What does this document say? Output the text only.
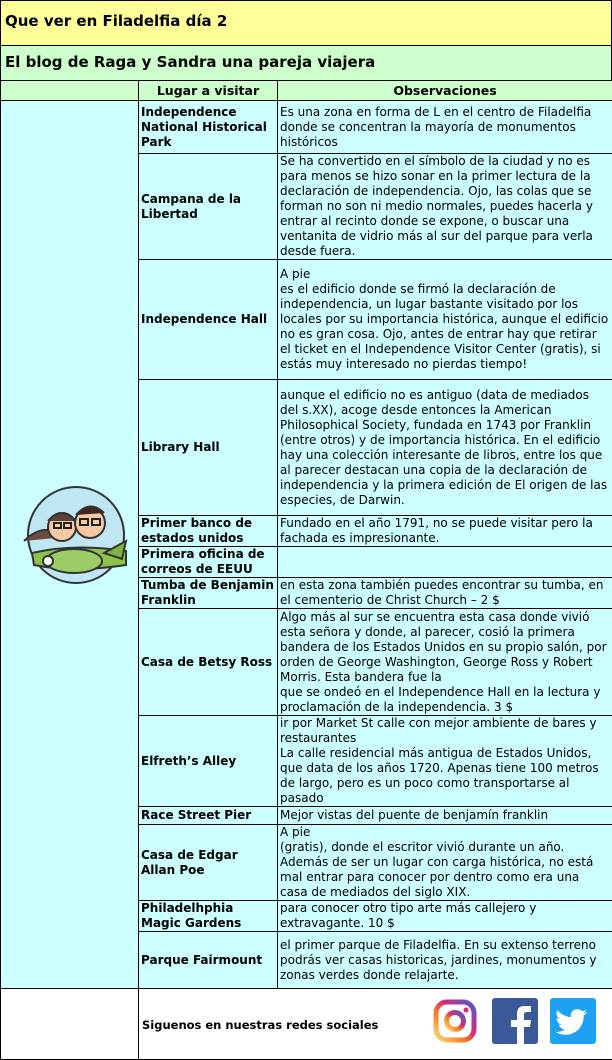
Que ver en Filadelfia día 2
El blog de Raga y Sandra una pareja viajera
	Lugar a visitar	Observaciones

	Independence National Historical Park	Es una zona en forma de L en el centro de Filadelfia donde se concentran la mayoría de monumentos históricos
	Campana de la Libertad	Se ha convertido en el símbolo de la ciudad y no es para menos se hizo sonar en la primer lectura de la declaración de independencia. Ojo, las colas que se forman no son ni medio normales, puedes hacerla y entrar al recinto donde se expone, o buscar una ventanita de vidrio más al sur del parque para verla desde fuera.
	Independence Hall	A pie
es el edificio donde se firmó la declaración de independencia, un lugar bastante visitado por los locales por su importancia histórica, aunque el edificio no es gran cosa. Ojo, antes de entrar hay que retirar el ticket en el Independence Visitor Center (gratis), si estás muy interesado no pierdas tiempo!
	Library Hall	aunque el edificio no es antiguo (data de mediados del s.XX), acoge desde entonces la American Philosophical Society, fundada en 1743 por Franklin (entre otros) y de importancia histórica. En el edificio hay una colección interesante de libros, entre los que al parecer destacan una copia de la declaración de
independencia y la primera edición de El origen de las especies, de Darwin.
	Primer banco de estados unidos	Fundado en el año 1791, no se puede visitar pero la fachada es impresionante.
	Primera oficina de correos de EEUU	
	Tumba de Benjamin Franklin	en esta zona también puedes encontrar su tumba, en el cementerio de Christ Church – 2 $
	Casa de Betsy Ross	Algo más al sur se encuentra esta casa donde vivió esta señora y donde, al parecer, cosió la primera bandera de los Estados Unidos en su propio salón, por orden de George Washington, George Ross y Robert Morris. Esta bandera fue la
que se ondeó en el Independence Hall en la lectura y proclamación de la independencia. 3 $
	Elfreth’s Alley	ir por Market St calle con mejor ambiente de bares y restaurantes
La calle residencial más antigua de Estados Unidos, que data de los años 1720. Apenas tiene 100 metros de largo, pero es un poco como transportarse al pasado
	Race Street Pier	Mejor vistas del puente de benjamín franklin
	Casa de Edgar Allan Poe	A pie
(gratis), donde el escritor vivió durante un año. Además de ser un lugar con carga histórica, no está mal entrar para conocer por dentro como era una casa de mediados del siglo XIX.
	Philadelhphia Magic Gardens	para conocer otro tipo arte más callejero y extravagante. 10 $
	Parque Fairmount	el primer parque de Filadelfia. En su extenso terreno podrás ver casas historicas, jardines, monumentos y zonas verdes donde relajarte.

	Siguenos en nuestras redes sociales	
